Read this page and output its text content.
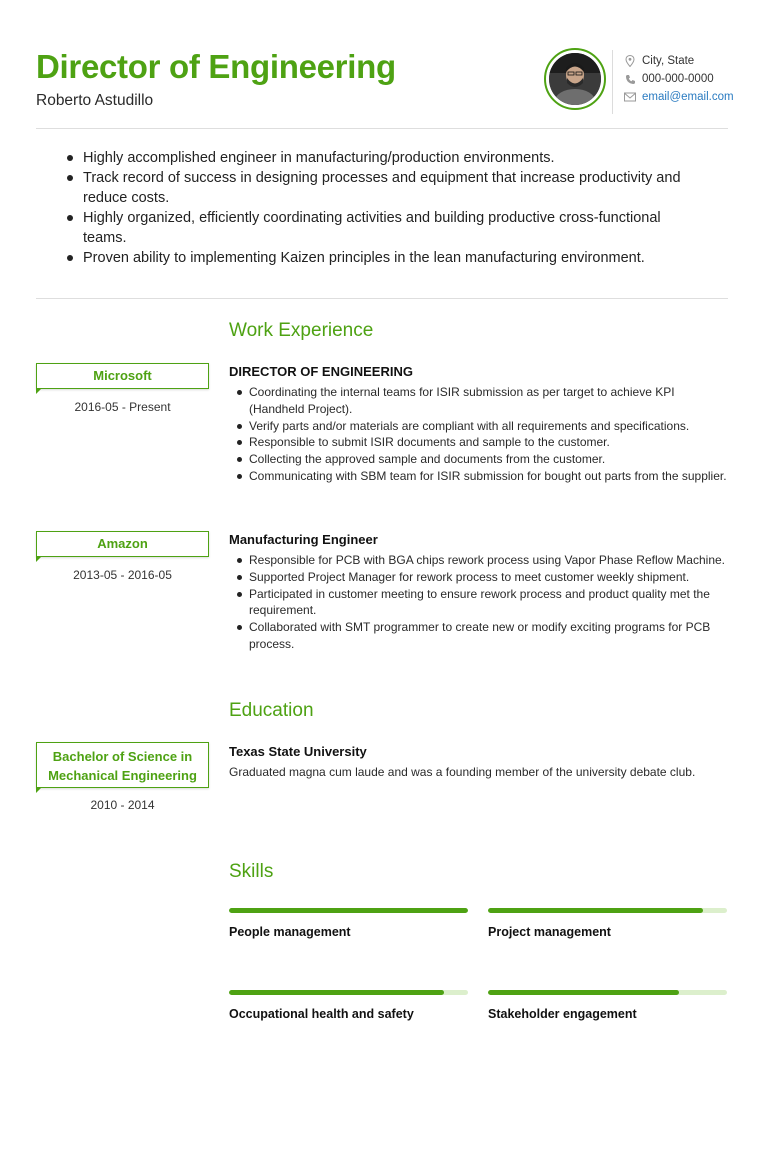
Director of Engineering
Roberto Astudillo
City, State
000-000-0000
email@email.com
Highly accomplished engineer in manufacturing/production environments.
Track record of success in designing processes and equipment that increase productivity and reduce costs.
Highly organized, efficiently coordinating activities and building productive cross-functional teams.
Proven ability to implementing Kaizen principles in the lean manufacturing environment.
Work Experience
Microsoft
2016-05 - Present
DIRECTOR OF ENGINEERING
Coordinating the internal teams for ISIR submission as per target to achieve KPI (Handheld Project).
Verify parts and/or materials are compliant with all requirements and specifications.
Responsible to submit ISIR documents and sample to the customer.
Collecting the approved sample and documents from the customer.
Communicating with SBM team for ISIR submission for bought out parts from the supplier.
Amazon
2013-05 - 2016-05
Manufacturing Engineer
Responsible for PCB with BGA chips rework process using Vapor Phase Reflow Machine.
Supported Project Manager for rework process to meet customer weekly shipment.
Participated in customer meeting to ensure rework process and product quality met the requirement.
Collaborated with SMT programmer to create new or modify exciting programs for PCB process.
Education
Bachelor of Science in Mechanical Engineering
2010 - 2014
Texas State University

Graduated magna cum laude and was a founding member of the university debate club.

Skills
People management	Project management
Occupational health and safety	Stakeholder engagement
